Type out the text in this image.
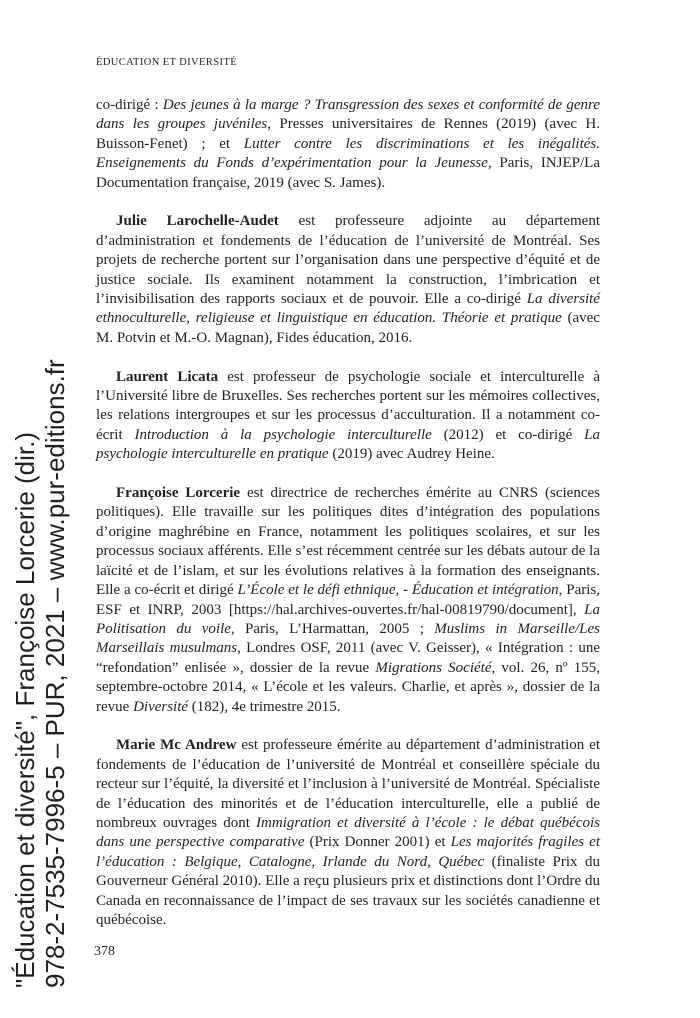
ÉDUCATION ET DIVERSITÉ

co-dirigé : Des jeunes à la marge ? Transgression des sexes et conformité de genre dans les groupes juvéniles, Presses universitaires de Rennes (2019) (avec H. Buisson-Fenet) ; et Lutter contre les discriminations et les inégalités. Enseignements du Fonds d’expérimentation pour la Jeunesse, Paris, INJEP/La Documentation française, 2019 (avec S. James).

Julie Larochelle-Audet est professeure adjointe au département d’administration et fondements de l’éducation de l’université de Montréal. Ses projets de recherche portent sur l’organisation dans une perspective d’équité et de justice sociale. Ils examinent notamment la construction, l’imbrication et l’invisibilisation des rapports sociaux et de pouvoir. Elle a co-dirigé La diversité ethnoculturelle, religieuse et linguistique en éducation. Théorie et pratique (avec M. Potvin et M.-O. Magnan), Fides éducation, 2016.

Laurent Licata est professeur de psychologie sociale et interculturelle à l’Université libre de Bruxelles. Ses recherches portent sur les mémoires collectives, les relations intergroupes et sur les processus d’acculturation. Il a notamment co-écrit Introduction à la psychologie interculturelle (2012) et co-dirigé La psychologie interculturelle en pratique (2019) avec Audrey Heine.

Françoise Lorcerie est directrice de recherches émérite au CNRS (sciences politiques). Elle travaille sur les politiques dites d’intégration des populations d’origine maghrébine en France, notamment les politiques scolaires, et sur les processus sociaux afférents. Elle s’est récemment centrée sur les débats autour de la laïcité et de l’islam, et sur les évolutions relatives à la formation des enseignants. Elle a co-écrit et dirigé L’École et le défi ethnique, - Éducation et intégration, Paris, ESF et INRP, 2003 [https://hal.archives-ouvertes.fr/hal-00819790/document], La Politisation du voile, Paris, L’Harmattan, 2005 ; Muslims in Marseille/Les Marseillais musulmans, Londres OSF, 2011 (avec V. Geisser), « Intégration : une “refondation” enlisée », dossier de la revue Migrations Société, vol. 26, nº 155, septembre-octobre 2014, « L’école et les valeurs. Charlie, et après », dossier de la revue Diversité (182), 4e trimestre 2015.

Marie Mc Andrew est professeure émérite au département d’administration et fondements de l’éducation de l’université de Montréal et conseillère spéciale du recteur sur l’équité, la diversité et l’inclusion à l’université de Montréal. Spécialiste de l’éducation des minorités et de l’éducation interculturelle, elle a publié de nombreux ouvrages dont Immigration et diversité à l’école : le débat québécois dans une perspective comparative (Prix Donner 2001) et Les majorités fragiles et l’éducation : Belgique, Catalogne, Irlande du Nord, Québec (finaliste Prix du Gouverneur Général 2010). Elle a reçu plusieurs prix et distinctions dont l’Ordre du Canada en reconnaissance de l’impact de ses travaux sur les sociétés canadienne et québécoise.

378
"Éducation et diversité", Françoise Lorcerie (dir.) 978-2-7535-7996-5 – PUR, 2021 – www.pur-editions.fr
